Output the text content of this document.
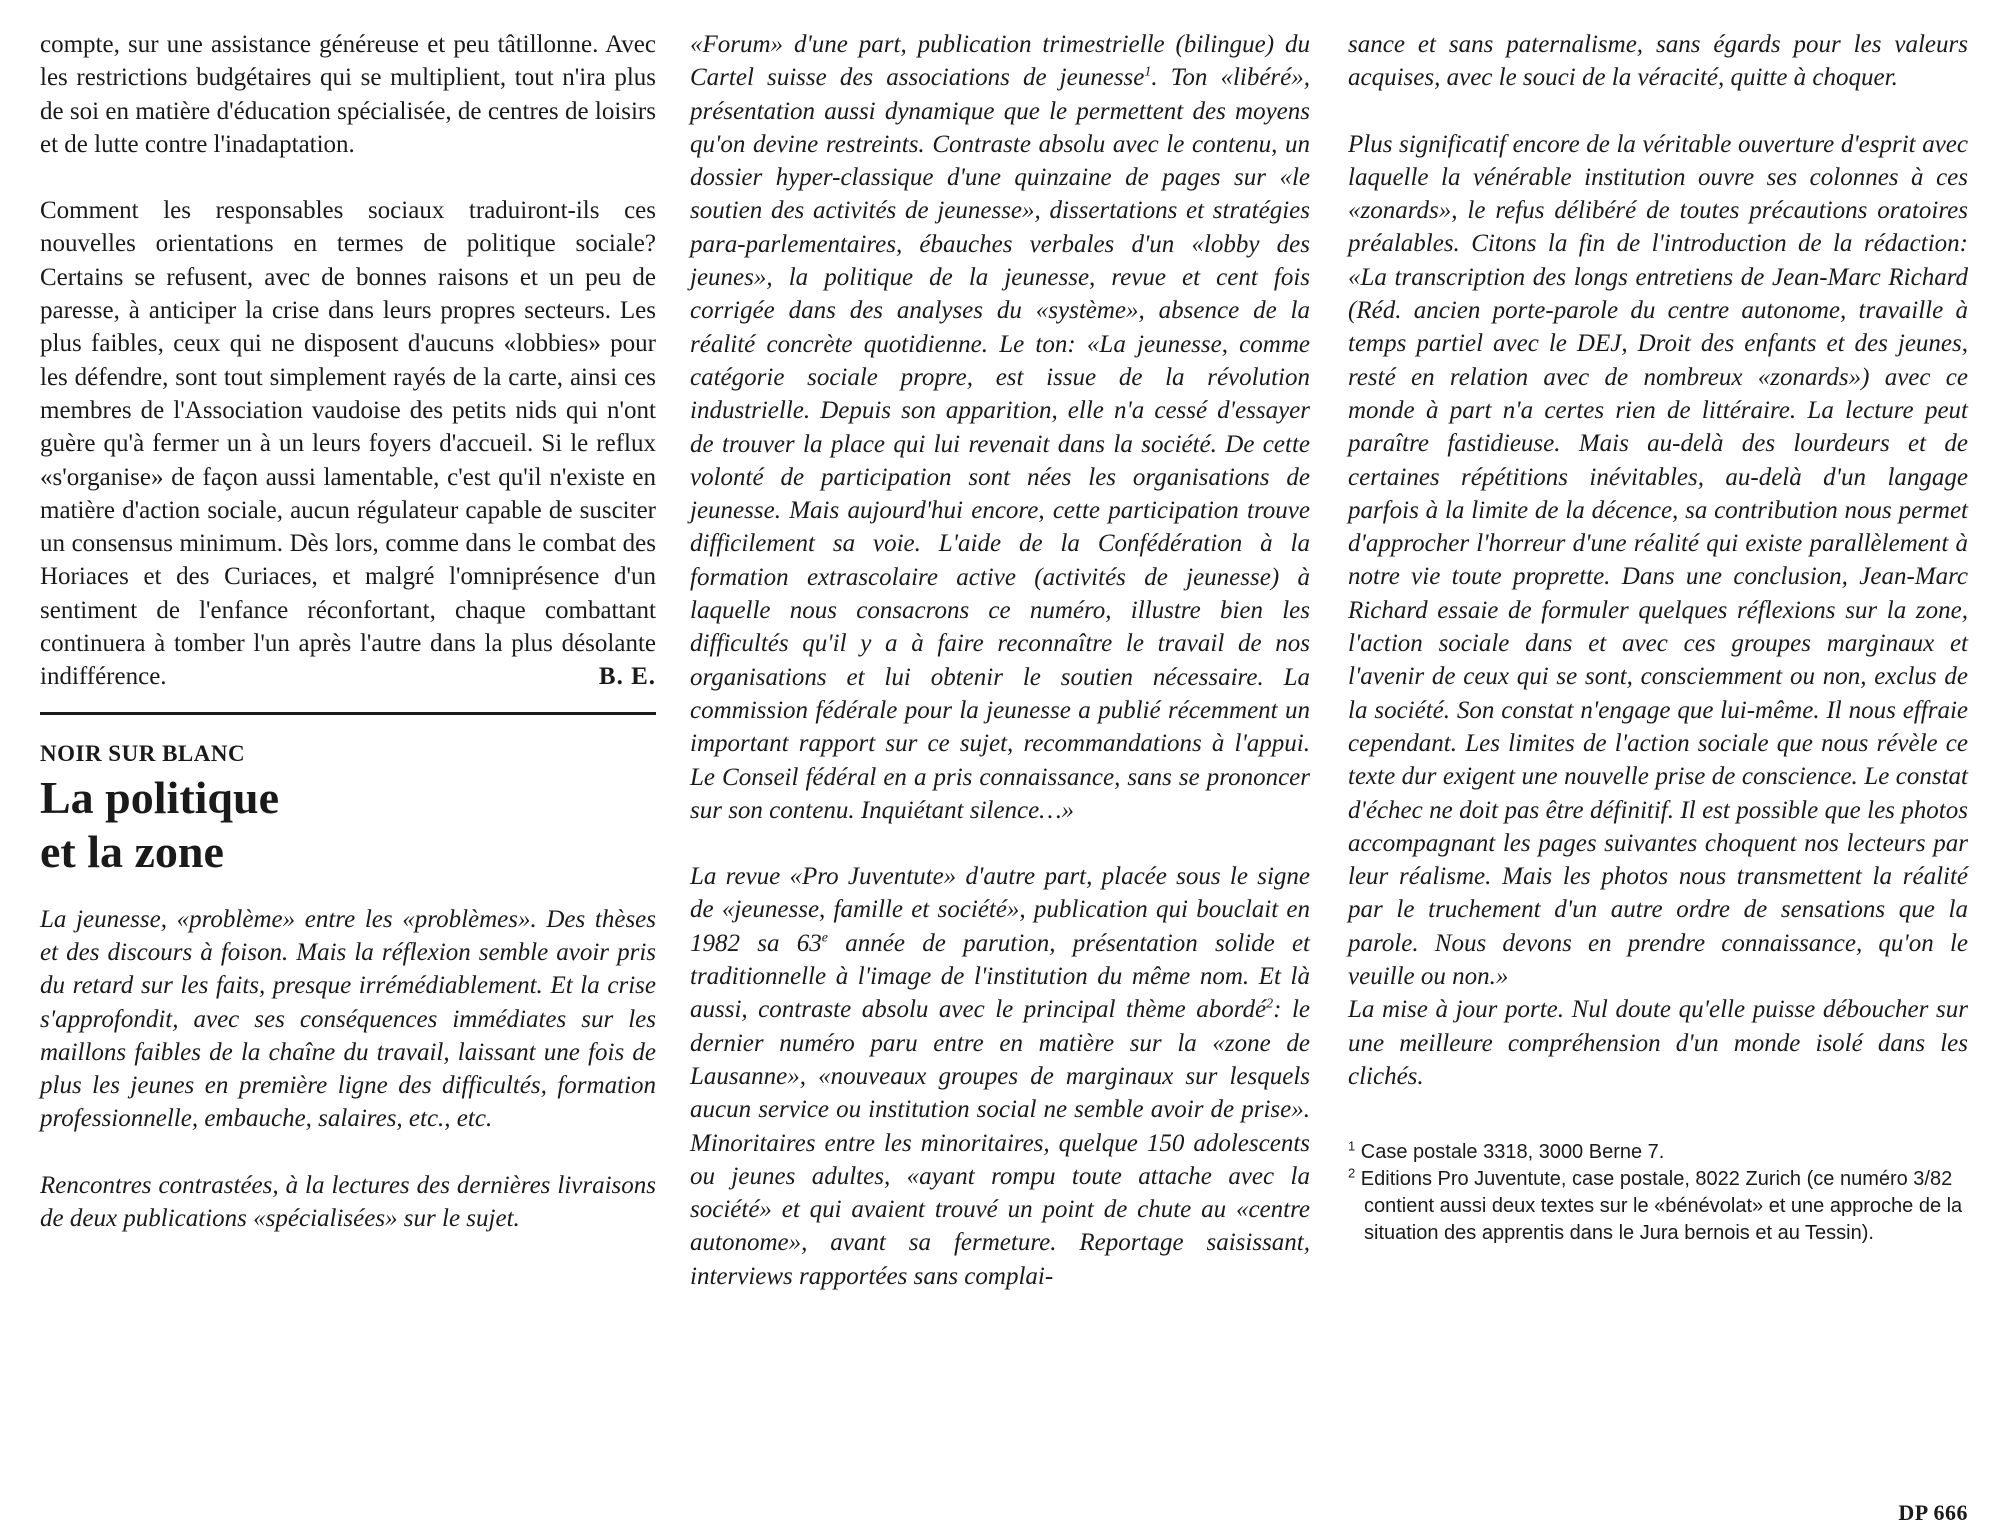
compte, sur une assistance généreuse et peu tâtillonne. Avec les restrictions budgétaires qui se multiplient, tout n'ira plus de soi en matière d'éducation spécialisée, de centres de loisirs et de lutte contre l'inadaptation.

Comment les responsables sociaux traduiront-ils ces nouvelles orientations en termes de politique sociale? Certains se refusent, avec de bonnes raisons et un peu de paresse, à anticiper la crise dans leurs propres secteurs. Les plus faibles, ceux qui ne disposent d'aucuns «lobbies» pour les défendre, sont tout simplement rayés de la carte, ainsi ces membres de l'Association vaudoise des petits nids qui n'ont guère qu'à fermer un à un leurs foyers d'accueil. Si le reflux «s'organise» de façon aussi lamentable, c'est qu'il n'existe en matière d'action sociale, aucun régulateur capable de susciter un consensus minimum. Dès lors, comme dans le combat des Horiaces et des Curiaces, et malgré l'omniprésence d'un sentiment de l'enfance réconfortant, chaque combattant continuera à tomber l'un après l'autre dans la plus désolante indifférence.	B. E.
NOIR SUR BLANC
La politique
et la zone

La jeunesse, «problème» entre les «problèmes». Des thèses et des discours à foison. Mais la réflexion semble avoir pris du retard sur les faits, presque irrémédiablement. Et la crise s'approfondit, avec ses conséquences immédiates sur les maillons faibles de la chaîne du travail, laissant une fois de plus les jeunes en première ligne des difficultés, formation professionnelle, embauche, salaires, etc., etc.

Rencontres contrastées, à la lectures des dernières livraisons de deux publications «spécialisées» sur le sujet.

«Forum» d'une part, publication trimestrielle (bilingue) du Cartel suisse des associations de jeunesse$^1$. Ton «libéré», présentation aussi dynamique que le permettent des moyens qu'on devine restreints. Contraste absolu avec le contenu, un dossier hyper-classique d'une quinzaine de pages sur «le soutien des activités de jeunesse», dissertations et stratégies para-parlementaires, ébauches verbales d'un «lobby des jeunes», la politique de la jeunesse, revue et cent fois corrigée dans des analyses du «système», absence de la réalité concrète quotidienne. Le ton: «La jeunesse, comme catégorie sociale propre, est issue de la révolution industrielle. Depuis son apparition, elle n'a cessé d'essayer de trouver la place qui lui revenait dans la société. De cette volonté de participation sont nées les organisations de jeunesse. Mais aujourd'hui encore, cette participation trouve difficilement sa voie. L'aide de la Confédération à la formation extrascolaire active (activités de jeunesse) à laquelle nous consacrons ce numéro, illustre bien les difficultés qu'il y a à faire reconnaître le travail de nos organisations et lui obtenir le soutien nécessaire. La commission fédérale pour la jeunesse a publié récemment un important rapport sur ce sujet, recommandations à l'appui. Le Conseil fédéral en a pris connaissance, sans se prononcer sur son contenu. Inquiétant silence…»

La revue «Pro Juventute» d'autre part, placée sous le signe de «jeunesse, famille et société», publication qui bouclait en 1982 sa 63e année de parution, présentation solide et traditionnelle à l'image de l'institution du même nom. Et là aussi, contraste absolu avec le principal thème abordé$^2$: le dernier numéro paru entre en matière sur la «zone de Lausanne», «nouveaux groupes de marginaux sur lesquels aucun service ou institution social ne semble avoir de prise». Minoritaires entre les minoritaires, quelque 150 adolescents ou jeunes adultes, «ayant rompu toute attache avec la société» et qui avaient trouvé un point de chute au «centre autonome», avant sa fermeture. Reportage saisissant, interviews rapportées sans complai-

sance et sans paternalisme, sans égards pour les valeurs acquises, avec le souci de la véracité, quitte à choquer.

Plus significatif encore de la véritable ouverture d'esprit avec laquelle la vénérable institution ouvre ses colonnes à ces «zonards», le refus délibéré de toutes précautions oratoires préalables. Citons la fin de l'introduction de la rédaction: «La transcription des longs entretiens de Jean-Marc Richard (Réd. ancien porte-parole du centre autonome, travaille à temps partiel avec le DEJ, Droit des enfants et des jeunes, resté en relation avec de nombreux «zonards») avec ce monde à part n'a certes rien de littéraire. La lecture peut paraître fastidieuse. Mais au-delà des lourdeurs et de certaines répétitions inévitables, au-delà d'un langage parfois à la limite de la décence, sa contribution nous permet d'approcher l'horreur d'une réalité qui existe parallèlement à notre vie toute proprette. Dans une conclusion, Jean-Marc Richard essaie de formuler quelques réflexions sur la zone, l'action sociale dans et avec ces groupes marginaux et l'avenir de ceux qui se sont, consciemment ou non, exclus de la société. Son constat n'engage que lui-même. Il nous effraie cependant. Les limites de l'action sociale que nous révèle ce texte dur exigent une nouvelle prise de conscience. Le constat d'échec ne doit pas être définitif. Il est possible que les photos accompagnant les pages suivantes choquent nos lecteurs par leur réalisme. Mais les photos nous transmettent la réalité par le truchement d'un autre ordre de sensations que la parole. Nous devons en prendre connaissance, qu'on le veuille ou non.»

La mise à jour porte. Nul doute qu'elle puisse déboucher sur une meilleure compréhension d'un monde isolé dans les clichés.

$^1$ Case postale 3318, 3000 Berne 7.

$^2$ Editions Pro Juventute, case postale, 8022 Zurich (ce numéro 3/82 contient aussi deux textes sur le «bénévolat» et une approche de la situation des apprentis dans le Jura bernois et au Tessin).

DP 666
